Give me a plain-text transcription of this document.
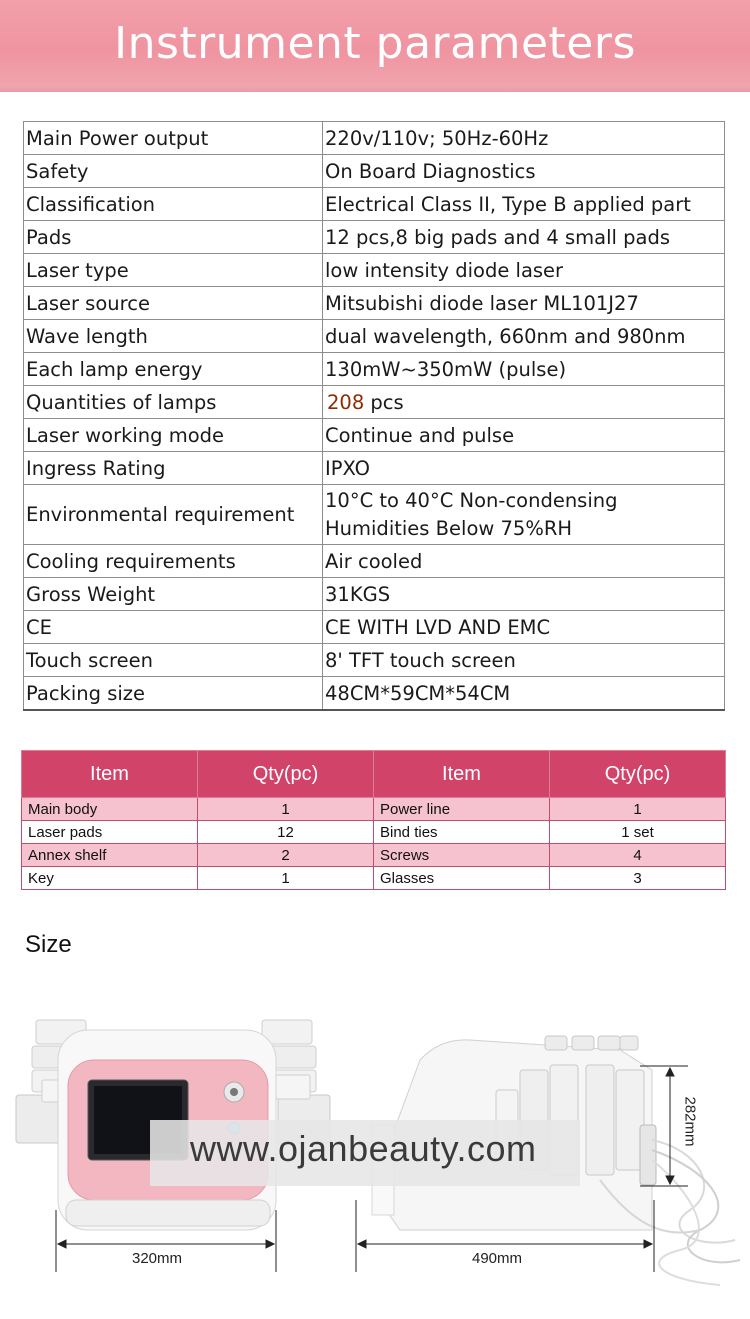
Instrument parameters
Main Power output	220v/110v; 50Hz-60Hz
Safety	On Board Diagnostics
Classification	Electrical Class II, Type B applied part
Pads	12 pcs,8 big pads and 4 small pads
Laser type	low intensity diode laser
Laser source	Mitsubishi diode laser ML101J27
Wave length	dual wavelength, 660nm and 980nm
Each lamp energy	130mW~350mW (pulse)
Quantities of lamps	208 pcs
Laser working mode	Continue and pulse
Ingress Rating	IPXO
Environmental requirement	10°C to 40°C Non-condensing
Humidities Below 75%RH

Cooling requirements	Air cooled
Gross Weight	31KGS
CE	CE WITH LVD AND EMC
Touch screen	8' TFT touch screen
Packing size	48CM*59CM*54CM
Item	Qty(pc)	Item	Qty(pc)
Main body	1	Power line	1
Laser pads	12	Bind ties	1 set
Annex shelf	2	Screws	4
Key	1	Glasses	3
Size
www.ojanbeauty.com
320mm	490mm
282mm
